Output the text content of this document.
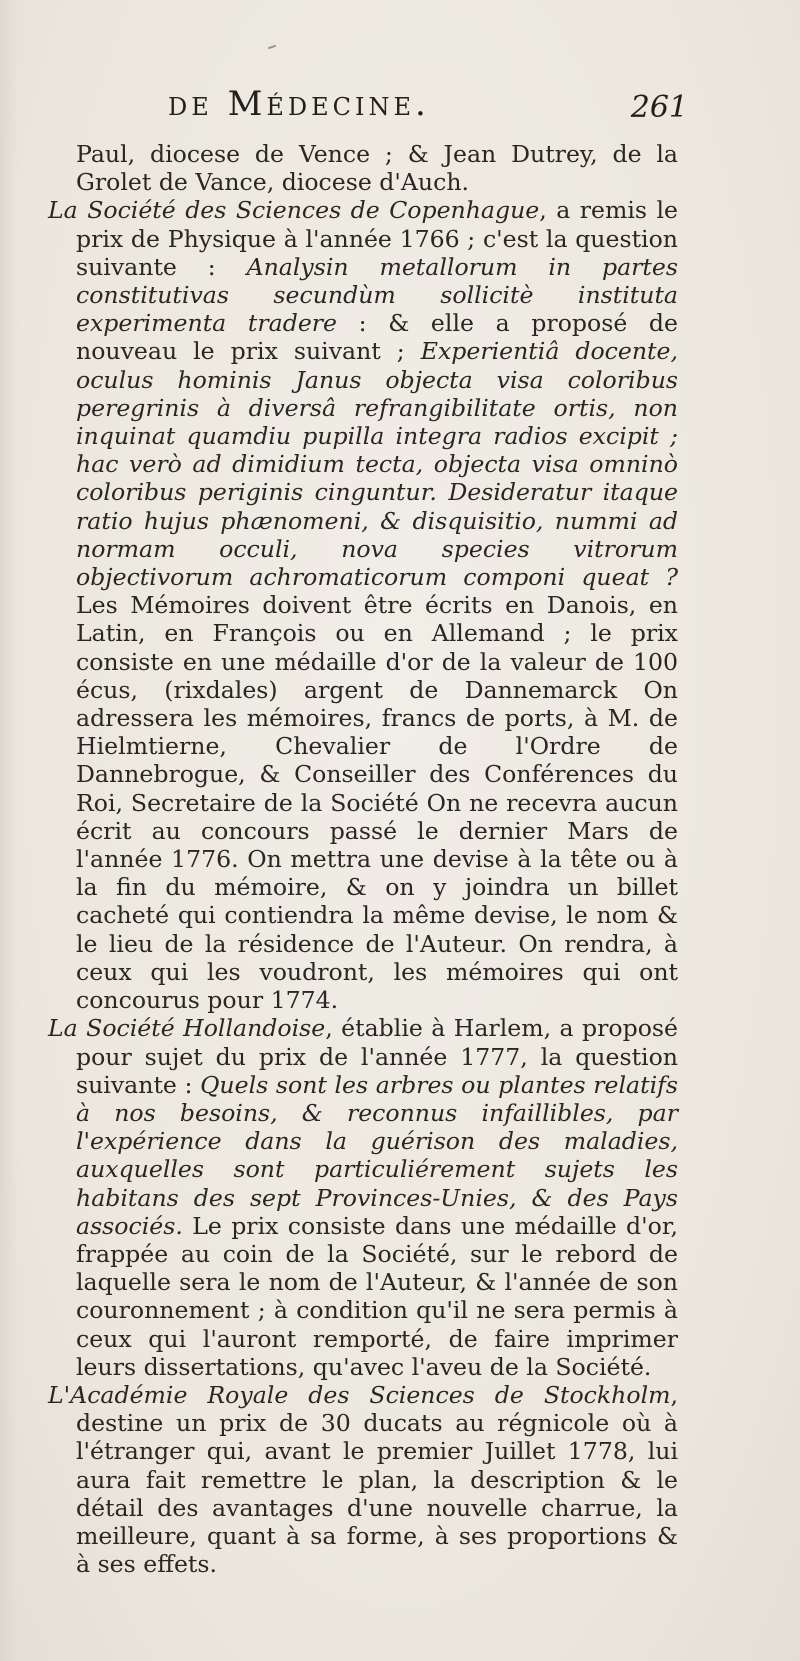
de Médecine.	261

Paul, diocese de Vence ; & Jean Dutrey, de la Grolet de Vance, diocese d'Auch.

La Société des Sciences de Copenhague, a remis le prix de Physique à l'année 1766 ; c'est la question suivante : Analysin metallorum in partes constitutivas secundùm sollicitè instituta experimenta tradere : & elle a proposé de nouveau le prix suivant ; Experientiâ docente, oculus hominis Janus objecta visa coloribus peregrinis à diversâ refrangibilitate ortis, non inquinat quamdiu pupilla integra radios excipit ; hac verò ad dimidium tecta, objecta visa omninò coloribus periginis cinguntur. Desideratur itaque ratio hujus phænomeni, & disquisitio, nummi ad normam occuli, nova species vitrorum objectivorum achromaticorum componi queat ? Les Mémoires doivent être écrits en Danois, en Latin, en François ou en Allemand ; le prix consiste en une médaille d'or de la valeur de 100 écus, (rixdales) argent de Dannemarck On adressera les mémoires, francs de ports, à M. de Hielmtierne, Chevalier de l'Ordre de Dannebrogue, & Conseiller des Conférences du Roi, Secretaire de la Société On ne recevra aucun écrit au concours passé le dernier Mars de l'année 1776. On mettra une devise à la tête ou à la fin du mémoire, & on y joindra un billet cacheté qui contiendra la même devise, le nom & le lieu de la résidence de l'Auteur. On rendra, à ceux qui les voudront, les mémoires qui ont concourus pour 1774.

La Société Hollandoise, établie à Harlem, a proposé pour sujet du prix de l'année 1777, la question suivante : Quels sont les arbres ou plantes relatifs à nos besoins, & reconnus infaillibles, par l'expérience dans la guérison des maladies, auxquelles sont particuliérement sujets les habitans des sept Provinces-Unies, & des Pays associés. Le prix consiste dans une médaille d'or, frappée au coin de la Société, sur le rebord de laquelle sera le nom de l'Auteur, & l'année de son couronnement ; à condition qu'il ne sera permis à ceux qui l'auront remporté, de faire imprimer leurs dissertations, qu'avec l'aveu de la Société.

L'Académie Royale des Sciences de Stockholm, destine un prix de 30 ducats au régnicole où à l'étranger qui, avant le premier Juillet 1778, lui aura fait remettre le plan, la description & le détail des avantages d'une nouvelle charrue, la meilleure, quant à sa forme, à ses proportions & à ses effets.
